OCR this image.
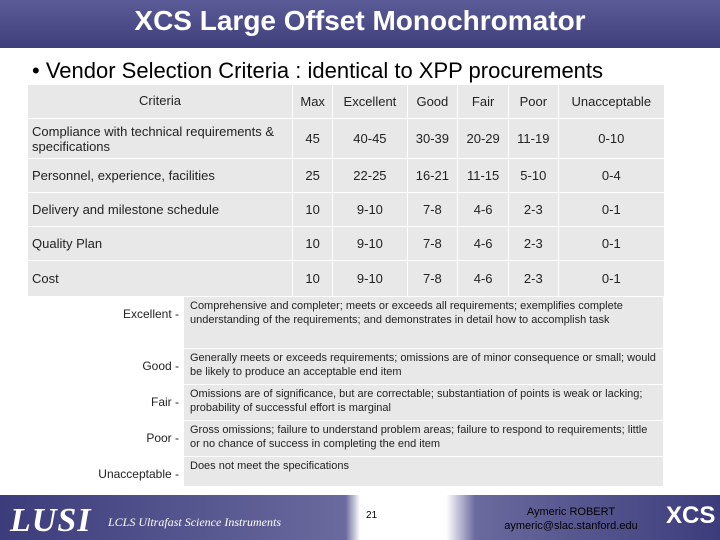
XCS Large Offset Monochromator
• Vendor Selection Criteria : identical to XPP procurements
Criteria	Max	Excellent	Good	Fair	Poor	Unacceptable
Compliance with technical requirements & specifications	45	40-45	30-39	20-29	11-19	0-10
Personnel, experience, facilities	25	22-25	16-21	11-15	5-10	0-4
Delivery and milestone schedule	10	9-10	7-8	4-6	2-3	0-1
Quality Plan	10	9-10	7-8	4-6	2-3	0-1
Cost	10	9-10	7-8	4-6	2-3	0-1
Excellent -	Comprehensive and completer; meets or exceeds all requirements; exemplifies complete understanding of the requirements; and demonstrates in detail how to accomplish task
Good -	Generally meets or exceeds requirements; omissions are of minor consequence or small; would be likely to produce an acceptable end item
Fair -	Omissions are of significance, but are correctable; substantiation of points is weak or lacking; probability of successful effort is marginal
Poor -	Gross omissions; failure to understand problem areas; failure to respond to requirements; little or no chance of success in completing the end item
Unacceptable -	Does not meet the specifications
LUSI LCLS Ultrafast Science Instruments	21	Aymeric ROBERT
aymeric@slac.stanford.edu	XCS
